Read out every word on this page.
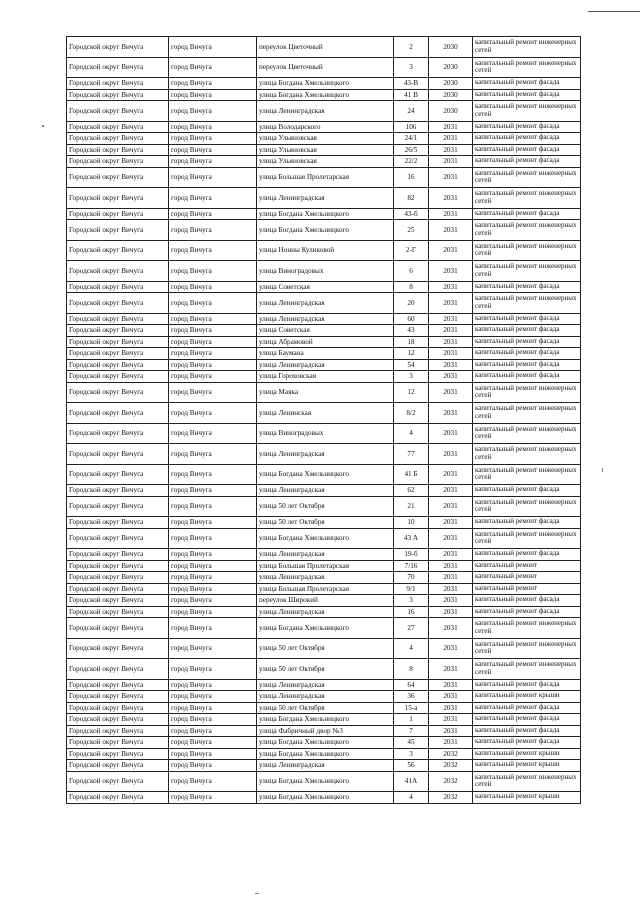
Городской округ Вичуга	город Вичуга	переулок Цветочный	2	2030	капитальный ремонт инженерных сетей
Городской округ Вичуга	город Вичуга	переулок Цветочный	3	2030	капитальный ремонт инженерных сетей
Городской округ Вичуга	город Вичуга	улица Богдана Хмельницкого	43-В	2030	капитальный ремонт фасада
Городской округ Вичуга	город Вичуга	улица Богдана Хмельницкого	41 В	2030	капитальный ремонт фасада
Городской округ Вичуга	город Вичуга	улица Ленинградская	24	2030	капитальный ремонт инженерных сетей
Городской округ Вичуга	город Вичуга	улица Володарского	106	2031	капитальный ремонт фасада
Городской округ Вичуга	город Вичуга	улица Ульяновская	24/1	2031	капитальный ремонт фасада
Городской округ Вичуга	город Вичуга	улица Ульяновская	26/5	2031	капитальный ремонт фасада
Городской округ Вичуга	город Вичуга	улица Ульяновская	22/2	2031	капитальный ремонт фасада
Городской округ Вичуга	город Вичуга	улица Большая Пролетарская	16	2031	капитальный ремонт инженерных сетей
Городской округ Вичуга	город Вичуга	улица Ленинградская	82	2031	капитальный ремонт инженерных сетей
Городской округ Вичуга	город Вичуга	улица Богдана Хмельницкого	43-б	2031	капитальный ремонт фасада
Городской округ Вичуга	город Вичуга	улица Богдана Хмельницкого	25	2031	капитальный ремонт инженерных сетей
Городской округ Вичуга	город Вичуга	улица Нонны Куликовой	2-Г	2031	капитальный ремонт инженерных сетей
Городской округ Вичуга	город Вичуга	улица Виноградовых	6	2031	капитальный ремонт инженерных сетей
Городской округ Вичуга	город Вичуга	улица Советская	8	2031	капитальный ремонт фасада
Городской округ Вичуга	город Вичуга	улица Ленинградская	20	2031	капитальный ремонт инженерных сетей
Городской округ Вичуга	город Вичуга	улица Ленинградская	60	2031	капитальный ремонт фасада
Городской округ Вичуга	город Вичуга	улица Советская	43	2031	капитальный ремонт фасада
Городской округ Вичуга	город Вичуга	улица Абрамовой	18	2031	капитальный ремонт фасада
Городской округ Вичуга	город Вичуга	улица Баумана	12	2031	капитальный ремонт фасада
Городской округ Вичуга	город Вичуга	улица Ленинградская	54	2031	капитальный ремонт фасада
Городской округ Вичуга	город Вичуга	улица Гороховская	3	2031	капитальный ремонт фасада
Городской округ Вичуга	город Вичуга	улица Маяка	12	2031	капитальный ремонт инженерных сетей
Городской округ Вичуга	город Вичуга	улица Ленинская	8/2	2031	капитальный ремонт инженерных сетей
Городской округ Вичуга	город Вичуга	улица Виноградовых	4	2031	капитальный ремонт инженерных сетей
Городской округ Вичуга	город Вичуга	улица Ленинградская	77	2031	капитальный ремонт инженерных сетей
Городской округ Вичуга	город Вичуга	улица Богдана Хмельницкого	41 Б	2031	капитальный ремонт инженерных сетей
Городской округ Вичуга	город Вичуга	улица Ленинградская	62	2031	капитальный ремонт фасада
Городской округ Вичуга	город Вичуга	улица 50 лет Октября	21	2031	капитальный ремонт инженерных сетей
Городской округ Вичуга	город Вичуга	улица 50 лет Октября	10	2031	капитальный ремонт фасада
Городской округ Вичуга	город Вичуга	улица Богдана Хмельницкого	43 А	2031	капитальный ремонт инженерных сетей
Городской округ Вичуга	город Вичуга	улица Ленинградская	19-б	2031	капитальный ремонт фасада
Городской округ Вичуга	город Вичуга	улица Большая Пролетарская	7/16	2031	капитальный ремонт
Городской округ Вичуга	город Вичуга	улица Ленинградская	70	2031	капитальный ремонт
Городской округ Вичуга	город Вичуга	улица Большая Пролетарская	9/1	2031	капитальный ремонт
Городской округ Вичуга	город Вичуга	переулок Широкий	3	2031	капитальный ремонт фасада
Городской округ Вичуга	город Вичуга	улица Ленинградская	16	2031	капитальный ремонт фасада
Городской округ Вичуга	город Вичуга	улица Богдана Хмельницкого	27	2031	капитальный ремонт инженерных сетей
Городской округ Вичуга	город Вичуга	улица 50 лет Октября	4	2031	капитальный ремонт инженерных сетей
Городской округ Вичуга	город Вичуга	улица 50 лет Октября	8	2031	капитальный ремонт инженерных сетей
Городской округ Вичуга	город Вичуга	улица Ленинградская	64	2031	капитальный ремонт фасада
Городской округ Вичуга	город Вичуга	улица Ленинградская	36	2031	капитальный ремонт крыши
Городской округ Вичуга	город Вичуга	улица 50 лет Октября	15-а	2031	капитальный ремонт фасада
Городской округ Вичуга	город Вичуга	улица Богдана Хмельницкого	1	2031	капитальный ремонт фасада
Городской округ Вичуга	город Вичуга	улица Фабричный двор №3	7	2031	капитальный ремонт фасада
Городской округ Вичуга	город Вичуга	улица Богдана Хмельницкого	45	2031	капитальный ремонт фасада
Городской округ Вичуга	город Вичуга	улица Богдана Хмельницкого	3	2032	капитальный ремонт крыши
Городской округ Вичуга	город Вичуга	улица Ленинградская	56	2032	капитальный ремонт крыши
Городской округ Вичуга	город Вичуга	улица Богдана Хмельницкого	41А	2032	капитальный ремонт инженерных сетей
Городской округ Вичуга	город Вичуга	улица Богдана Хмельницкого	4	2032	капитальный ремонт крыши
